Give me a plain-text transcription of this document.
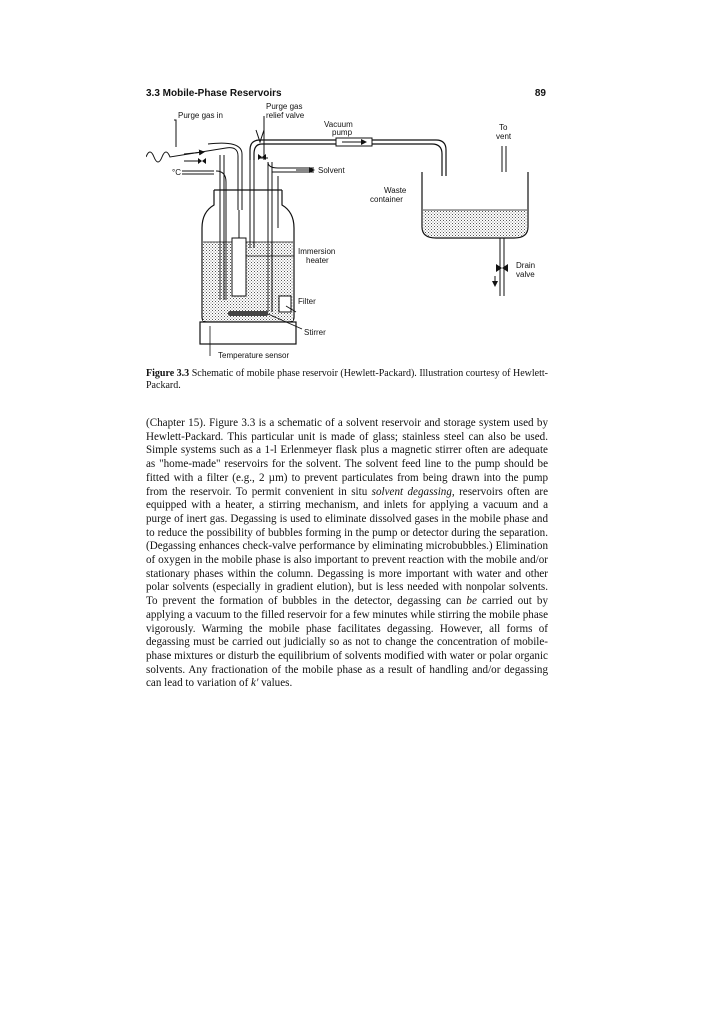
3.3 Mobile-Phase Reservoirs	89
Purge gas in
Purge gas
relief valve
Vacuum
pump
To
vent
°C	Solvent
Waste
container
Immersion
heater
Drain
valve
Filter
Stirrer
Temperature sensor
Figure 3.3 Schematic of mobile phase reservoir (Hewlett-Packard). Illustration courtesy of Hewlett-Packard.
(Chapter 15). Figure 3.3 is a schematic of a solvent reservoir and storage system used by Hewlett-Packard. This particular unit is made of glass; stainless steel can also be used. Simple systems such as a 1-l Erlenmeyer flask plus a magnetic stirrer often are adequate as "home-made" reservoirs for the solvent. The solvent feed line to the pump should be fitted with a filter (e.g., 2 µm) to prevent particulates from being drawn into the pump from the reservoir. To permit convenient in situ solvent degassing, reservoirs often are equipped with a heater, a stirring mechanism, and inlets for applying a vacuum and a purge of inert gas. Degassing is used to eliminate dissolved gases in the mobile phase and to reduce the possibility of bubbles forming in the pump or detector during the separation. (Degassing enhances check-valve performance by eliminating microbubbles.) Elimination of oxygen in the mobile phase is also important to prevent reaction with the mobile and/or stationary phases within the column. Degassing is more important with water and other polar solvents (especially in gradient elution), but is less needed with nonpolar solvents. To prevent the formation of bubbles in the detector, degassing can be carried out by applying a vacuum to the filled reservoir for a few minutes while stirring the mobile phase vigorously. Warming the mobile phase facilitates degassing. However, all forms of degassing must be carried out judicially so as not to change the concentration of mobile-phase mixtures or disturb the equilibrium of solvents modified with water or polar organic solvents. Any fractionation of the mobile phase as a result of handling and/or degassing can lead to variation of k' values.
